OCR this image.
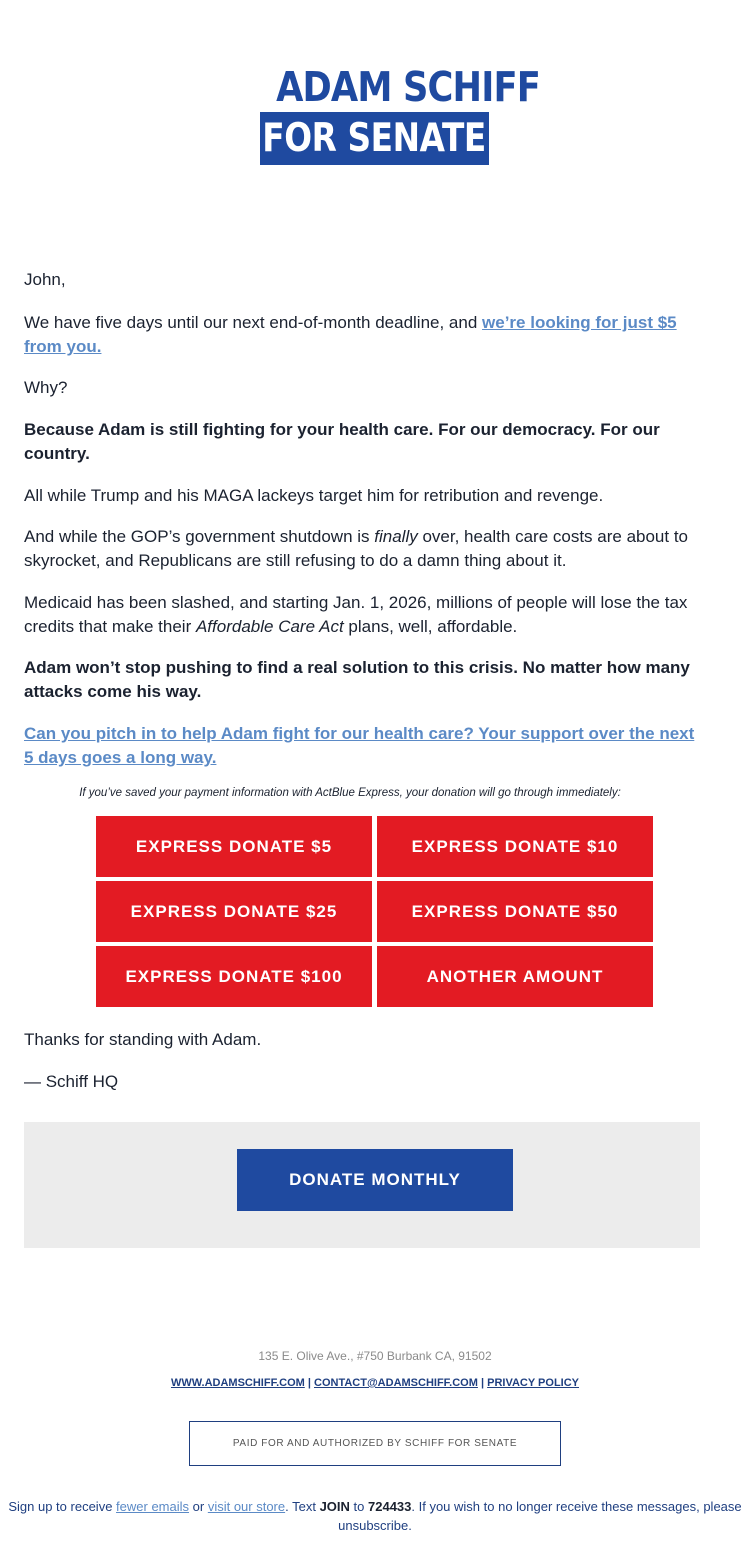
ADAM SCHIFF
FOR SENATE

John,

We have five days until our next end-of-month deadline, and we’re looking for just $5 from you.

Why?

Because Adam is still fighting for your health care. For our democracy. For our country.

All while Trump and his MAGA lackeys target him for retribution and revenge.

And while the GOP’s government shutdown is finally over, health care costs are about to skyrocket, and Republicans are still refusing to do a damn thing about it.

Medicaid has been slashed, and starting Jan. 1, 2026, millions of people will lose the tax credits that make their Affordable Care Act plans, well, affordable.

Adam won’t stop pushing to find a real solution to this crisis. No matter how many attacks come his way.

Can you pitch in to help Adam fight for our health care? Your support over the next 5 days goes a long way.

Thanks for standing with Adam.

— Schiff HQ

If you’ve saved your payment information with ActBlue Express, your donation will go through immediately:
EXPRESS DONATE $5	EXPRESS DONATE $10
EXPRESS DONATE $25	EXPRESS DONATE $50
EXPRESS DONATE $100	ANOTHER AMOUNT
DONATE MONTHLY
135 E. Olive Ave., #750 Burbank CA, 91502
WWW.ADAMSCHIFF.COM | CONTACT@ADAMSCHIFF.COM | PRIVACY POLICY
PAID FOR AND AUTHORIZED BY SCHIFF FOR SENATE
Sign up to receive fewer emails or visit our store. Text JOIN to 724433. If you wish to no longer receive these messages, please unsubscribe.
